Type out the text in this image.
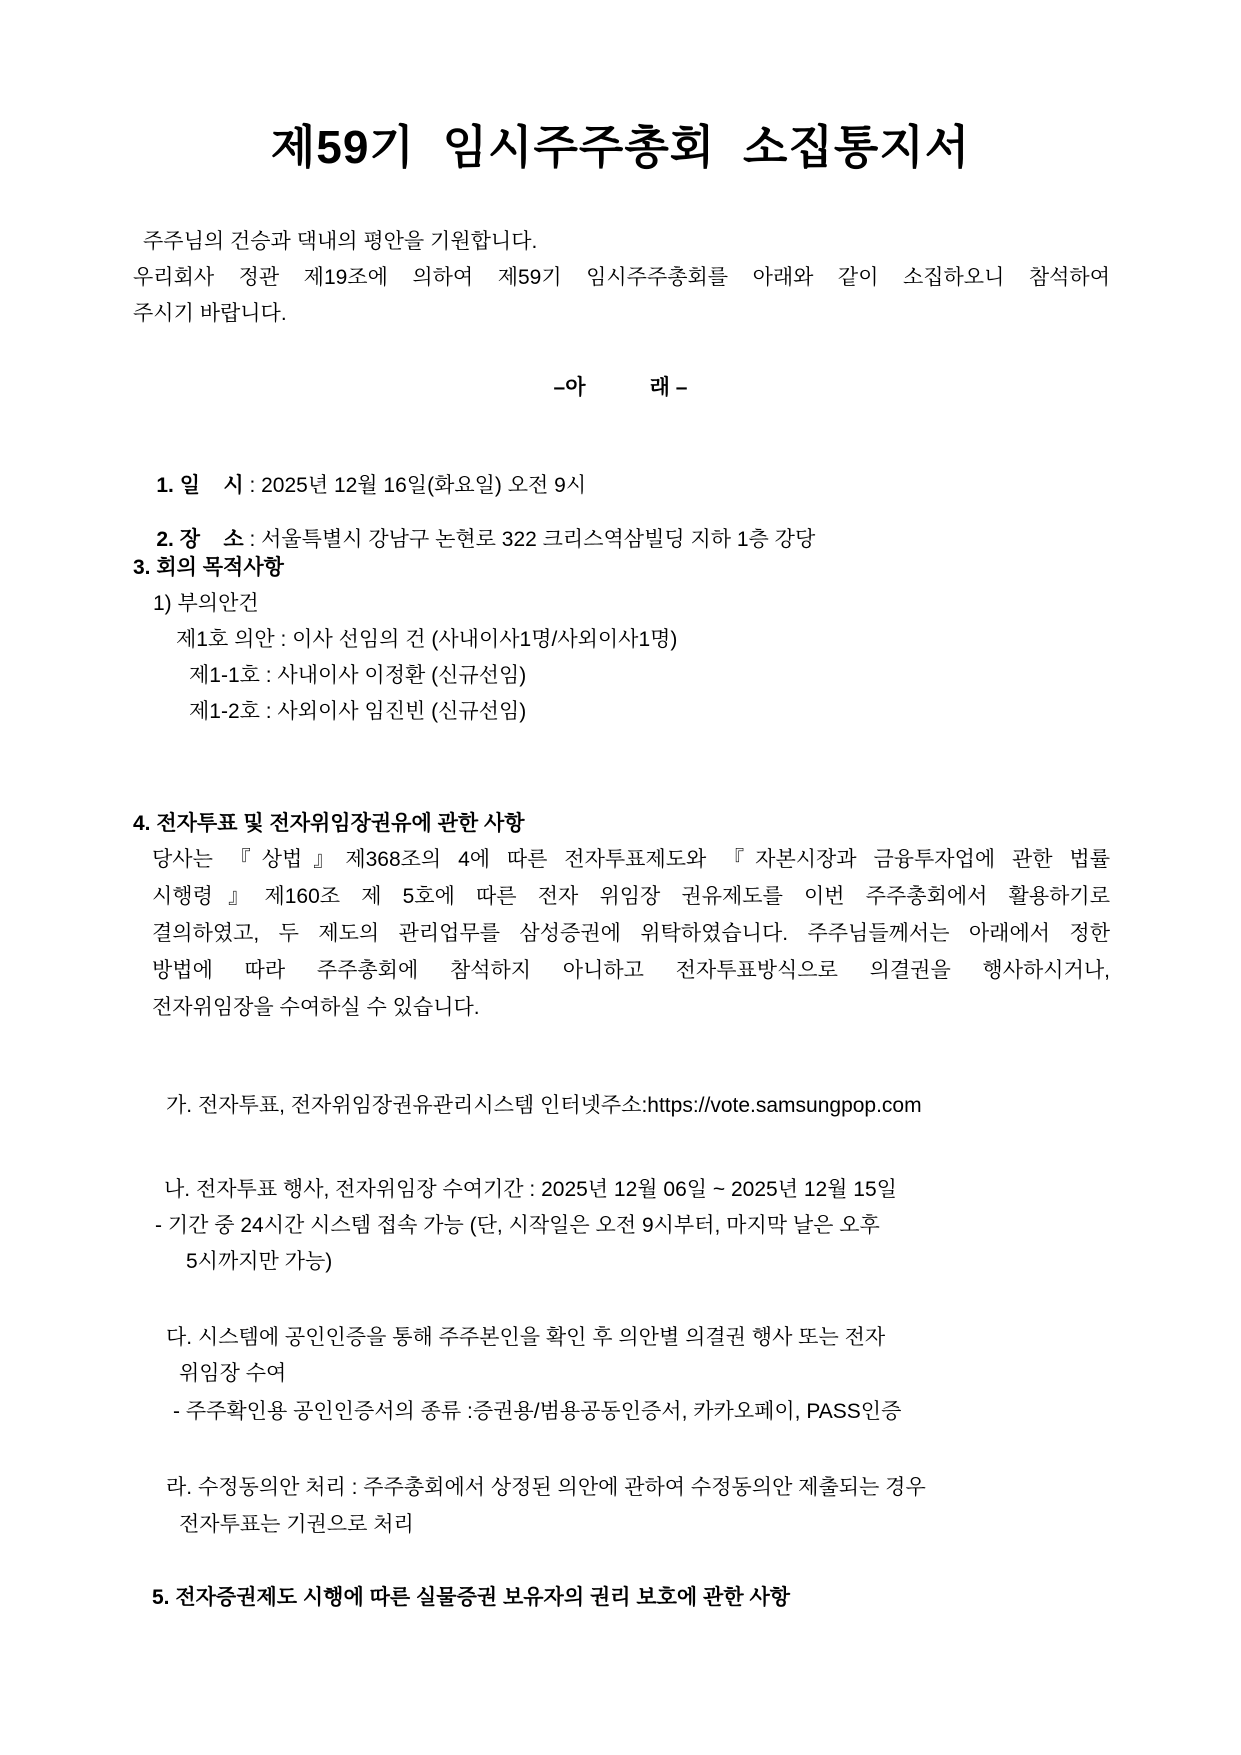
제59기 임시주주총회 소집통지서
주주님의 건승과 댁내의 평안을 기원합니다.
우리회사 정관 제19조에 의하여 제59기 임시주주총회를 아래와 같이 소집하오니 참석하여
주시기 바랍니다.
–아           래 –

1. 일    시 : 2025년 12월 16일(화요일) 오전 9시

2. 장    소 : 서울특별시 강남구 논현로 322 크리스역삼빌딩 지하 1층 강당

3. 회의 목적사항
1) 부의안건
제1호 의안 : 이사 선임의 건 (사내이사1명/사외이사1명)
제1-1호 : 사내이사 이정환 (신규선임)
제1-2호 : 사외이사 임진빈 (신규선임)
4. 전자투표 및 전자위임장권유에 관한 사항
당사는 『상법』제368조의 4에 따른 전자투표제도와 『자본시장과 금융투자업에 관한 법률
시행령』제160조 제 5호에 따른 전자 위임장 권유제도를 이번 주주총회에서 활용하기로
결의하였고, 두 제도의 관리업무를 삼성증권에 위탁하였습니다. 주주님들께서는 아래에서 정한
방법에 따라 주주총회에 참석하지 아니하고 전자투표방식으로 의결권을 행사하시거나,
전자위임장을 수여하실 수 있습니다.
가. 전자투표, 전자위임장권유관리시스템 인터넷주소:https://vote.samsungpop.com
나. 전자투표 행사, 전자위임장 수여기간 : 2025년 12월 06일 ~ 2025년 12월 15일
- 기간 중 24시간 시스템 접속 가능 (단, 시작일은 오전 9시부터, 마지막 날은 오후
5시까지만 가능)
다. 시스템에 공인인증을 통해 주주본인을 확인 후 의안별 의결권 행사 또는 전자
위임장 수여
- 주주확인용 공인인증서의 종류 :증권용/범용공동인증서, 카카오페이, PASS인증
라. 수정동의안 처리 : 주주총회에서 상정된 의안에 관하여 수정동의안 제출되는 경우
전자투표는 기권으로 처리
5. 전자증권제도 시행에 따른 실물증권 보유자의 권리 보호에 관한 사항
